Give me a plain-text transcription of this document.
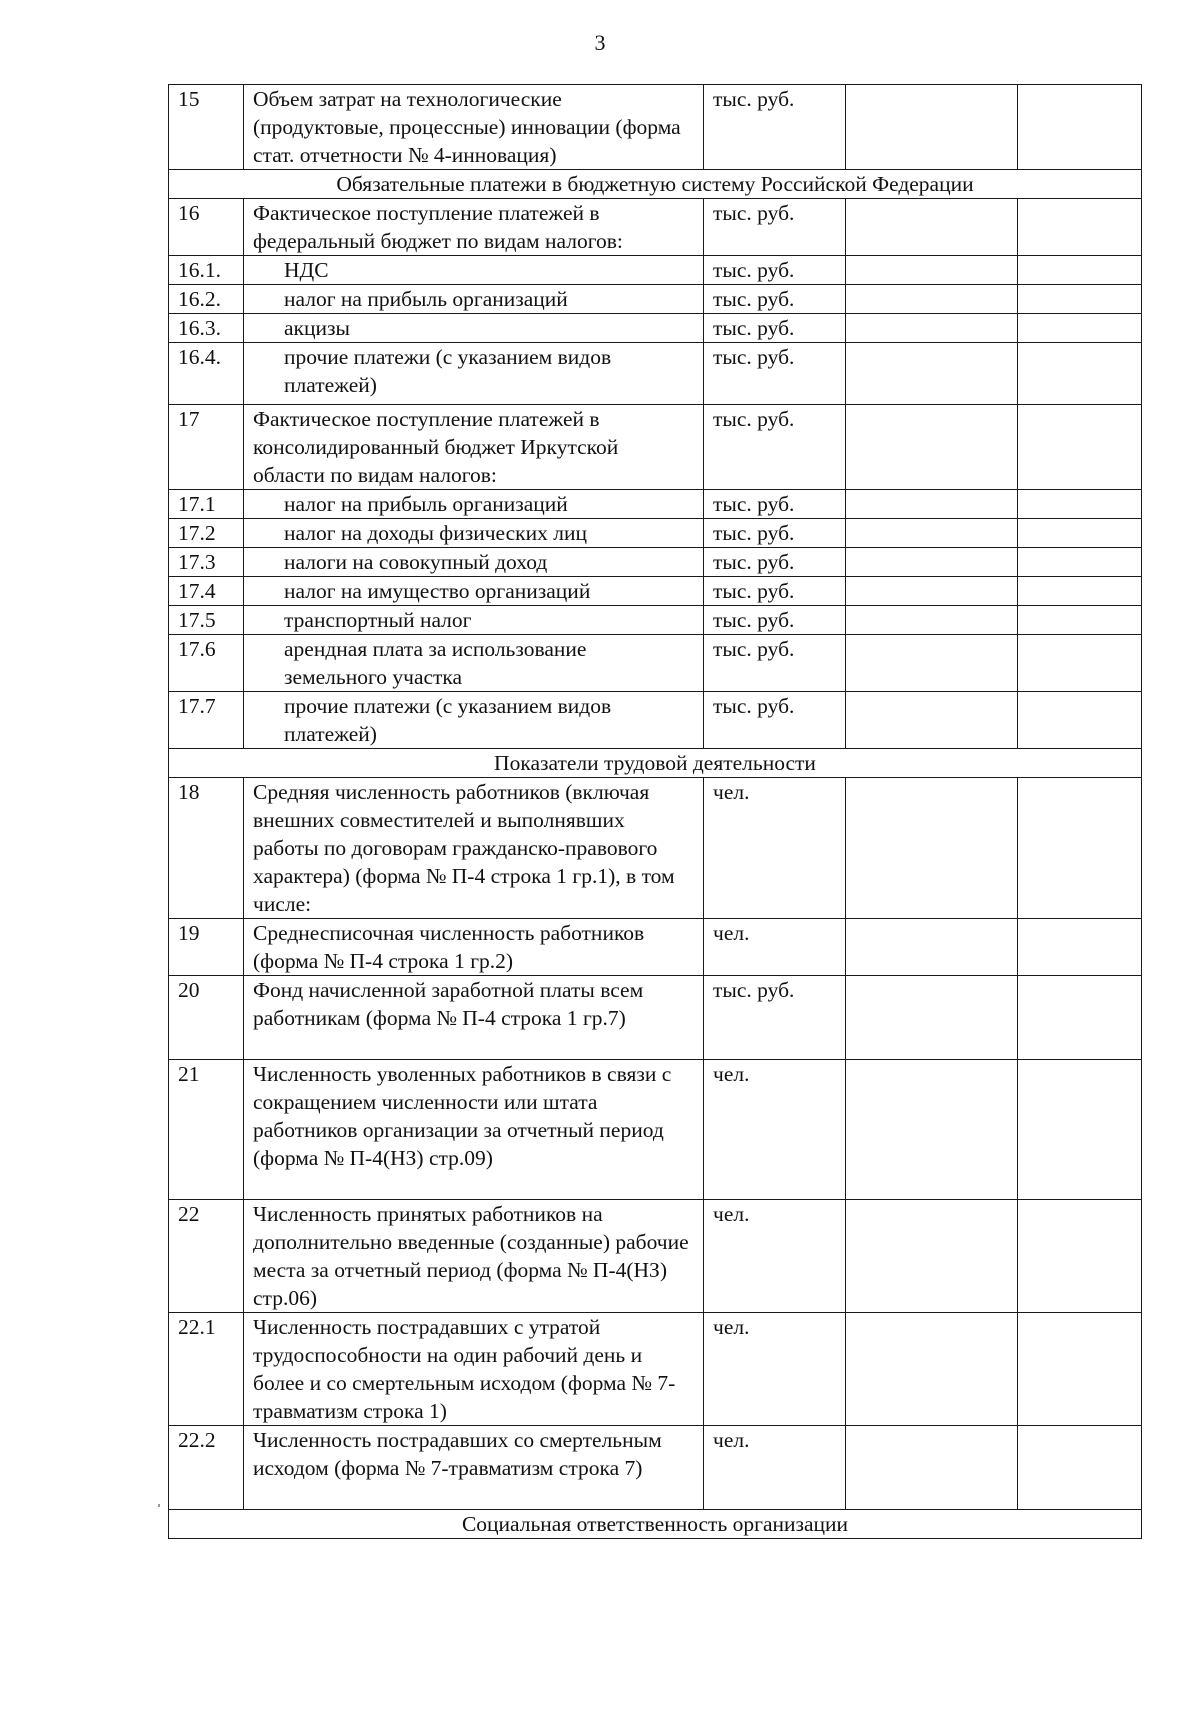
3
15	Объем затрат на технологические (продуктовые, процессные) инновации (форма стат. отчетности № 4-инновация)	тыс. руб.		
Обязательные платежи в бюджетную систему Российской Федерации				
16	Фактическое поступление платежей в федеральный бюджет по видам налогов:	тыс. руб.		
16.1.	НДС	тыс. руб.		
16.2.	налог на прибыль организаций	тыс. руб.		
16.3.	акцизы	тыс. руб.		
16.4.	прочие платежи (с указанием видов платежей)	тыс. руб.		
17	Фактическое поступление платежей в консолидированный бюджет Иркутской области по видам налогов:	тыс. руб.		
17.1	налог на прибыль организаций	тыс. руб.		
17.2	налог на доходы физических лиц	тыс. руб.		
17.3	налоги на совокупный доход	тыс. руб.		
17.4	налог на имущество организаций	тыс. руб.		
17.5	транспортный налог	тыс. руб.		
17.6	арендная плата за использование земельного участка	тыс. руб.		
17.7	прочие платежи (с указанием видов платежей)	тыс. руб.		
Показатели трудовой деятельности				
18	Средняя численность работников (включая внешних совместителей и выполнявших работы по договорам гражданско-правового характера) (форма № П-4 строка 1 гр.1), в том числе:	чел.		
19	Среднесписочная численность работников (форма № П-4 строка 1 гр.2)	чел.		
20	Фонд начисленной заработной платы всем работникам (форма № П-4 строка 1 гр.7)	тыс. руб.		
21	Численность уволенных работников в связи с сокращением численности или штата работников организации за отчетный период (форма № П-4(НЗ) стр.09)	чел.		
22	Численность принятых работников на дополнительно введенные (созданные) рабочие места за отчетный период (форма № П-4(НЗ) стр.06)	чел.		
22.1	Численность пострадавших с утратой трудоспособности на один рабочий день и более и со смертельным исходом (форма № 7-травматизм строка 1)	чел.		
22.2	Численность пострадавших со смертельным исходом (форма № 7-травматизм строка 7)	чел.		
Социальная ответственность организации				
